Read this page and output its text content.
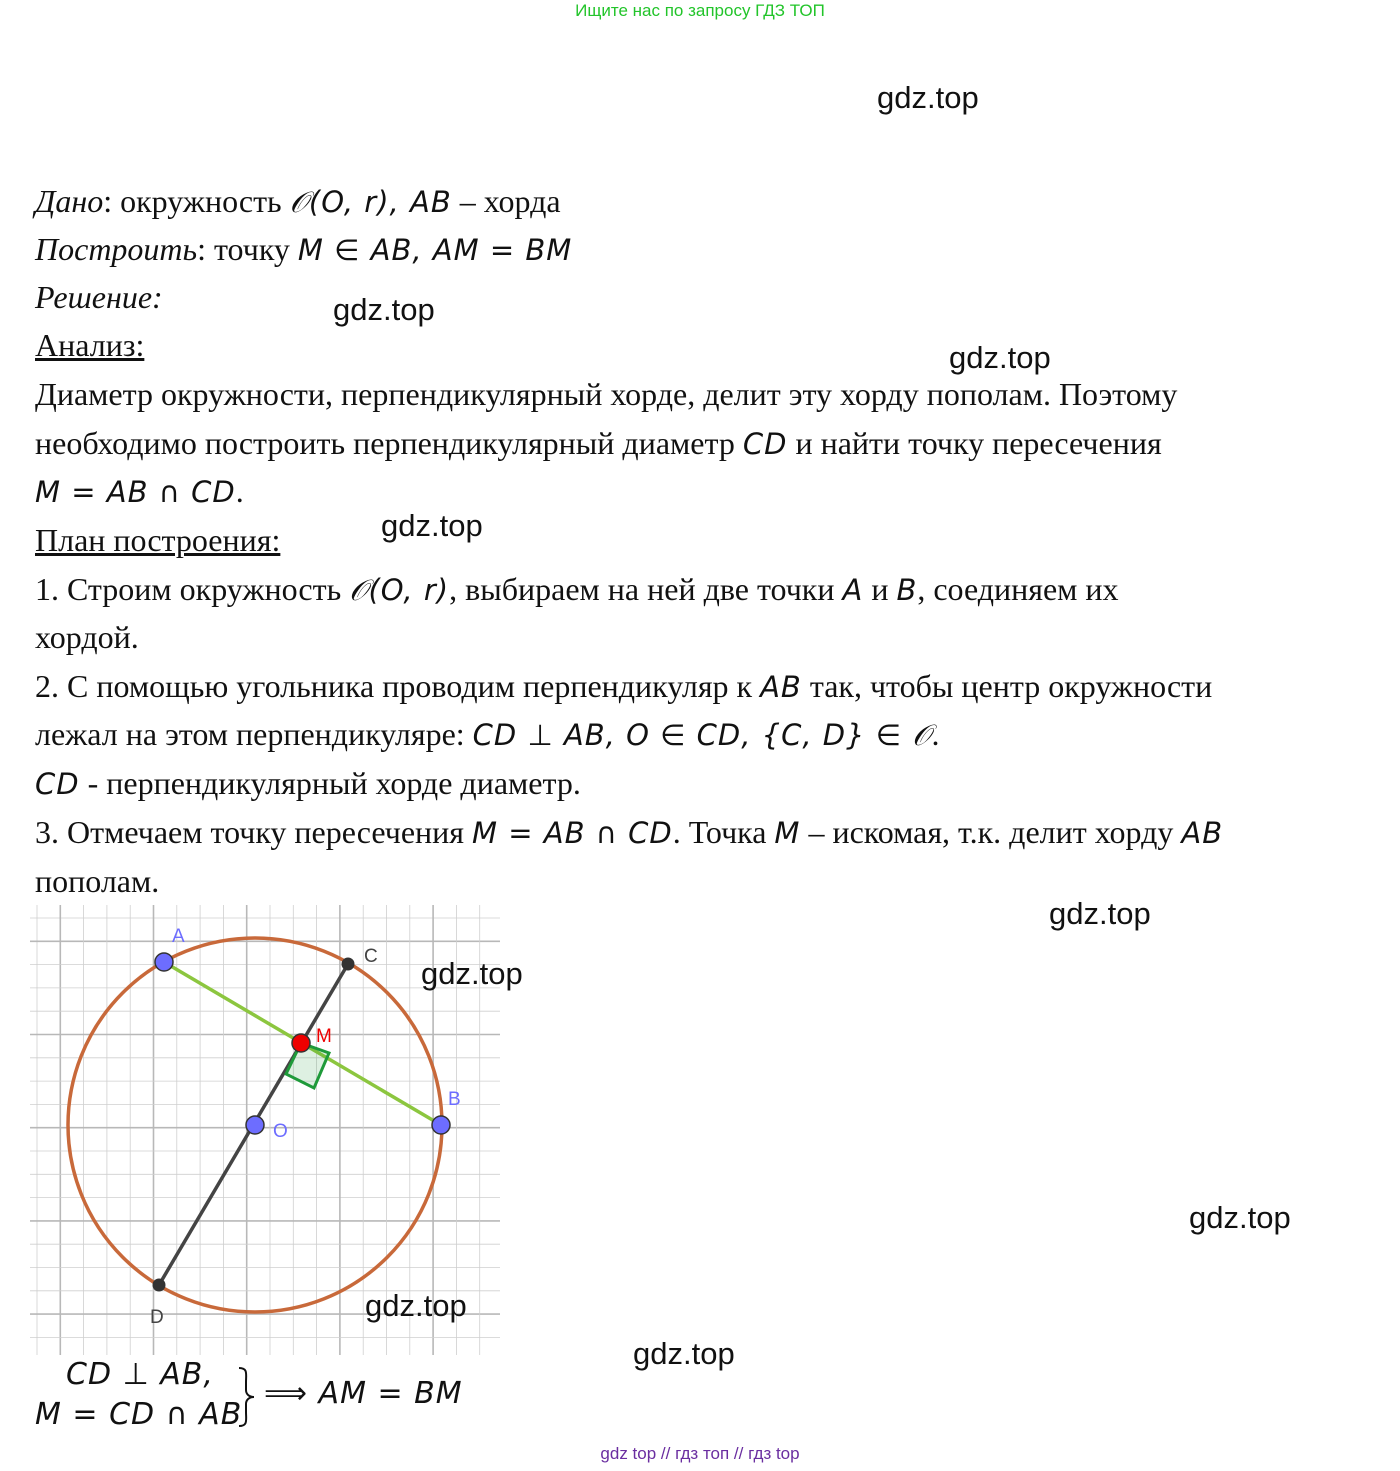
Ищите нас по запросу ГДЗ ТОП
gdz.top
gdz.top
gdz.top
gdz.top
gdz.top
gdz.top
gdz.top
Дано: окружность 𝒪(O, r), AB – хорда
Построить: точку M ∈ AB, AM = BM
Решение:
Анализ:
Диаметр окружности, перпендикулярный хорде, делит эту хорду пополам. Поэтому
необходимо построить перпендикулярный диаметр CD и найти точку пересечения
M = AB ∩ CD.
План построения:
1. Строим окружность 𝒪(O, r), выбираем на ней две точки A и B, соединяем их
хордой.
2. С помощью угольника проводим перпендикуляр к AB так, чтобы центр окружности
лежал на этом перпендикуляре: CD ⊥ AB, O ∈ CD, {C, D} ∈ 𝒪.
CD - перпендикулярный хорде диаметр.
3. Отмечаем точку пересечения M = AB ∩ CD. Точка M – искомая, т.к. делит хорду AB
пополам.
A
B
C
D
O
M
gdz.top
gdz.top
CD ⊥ AB,
M = CD ∩ AB
⟹ AM = BM
gdz top // гдз топ // гдз top
